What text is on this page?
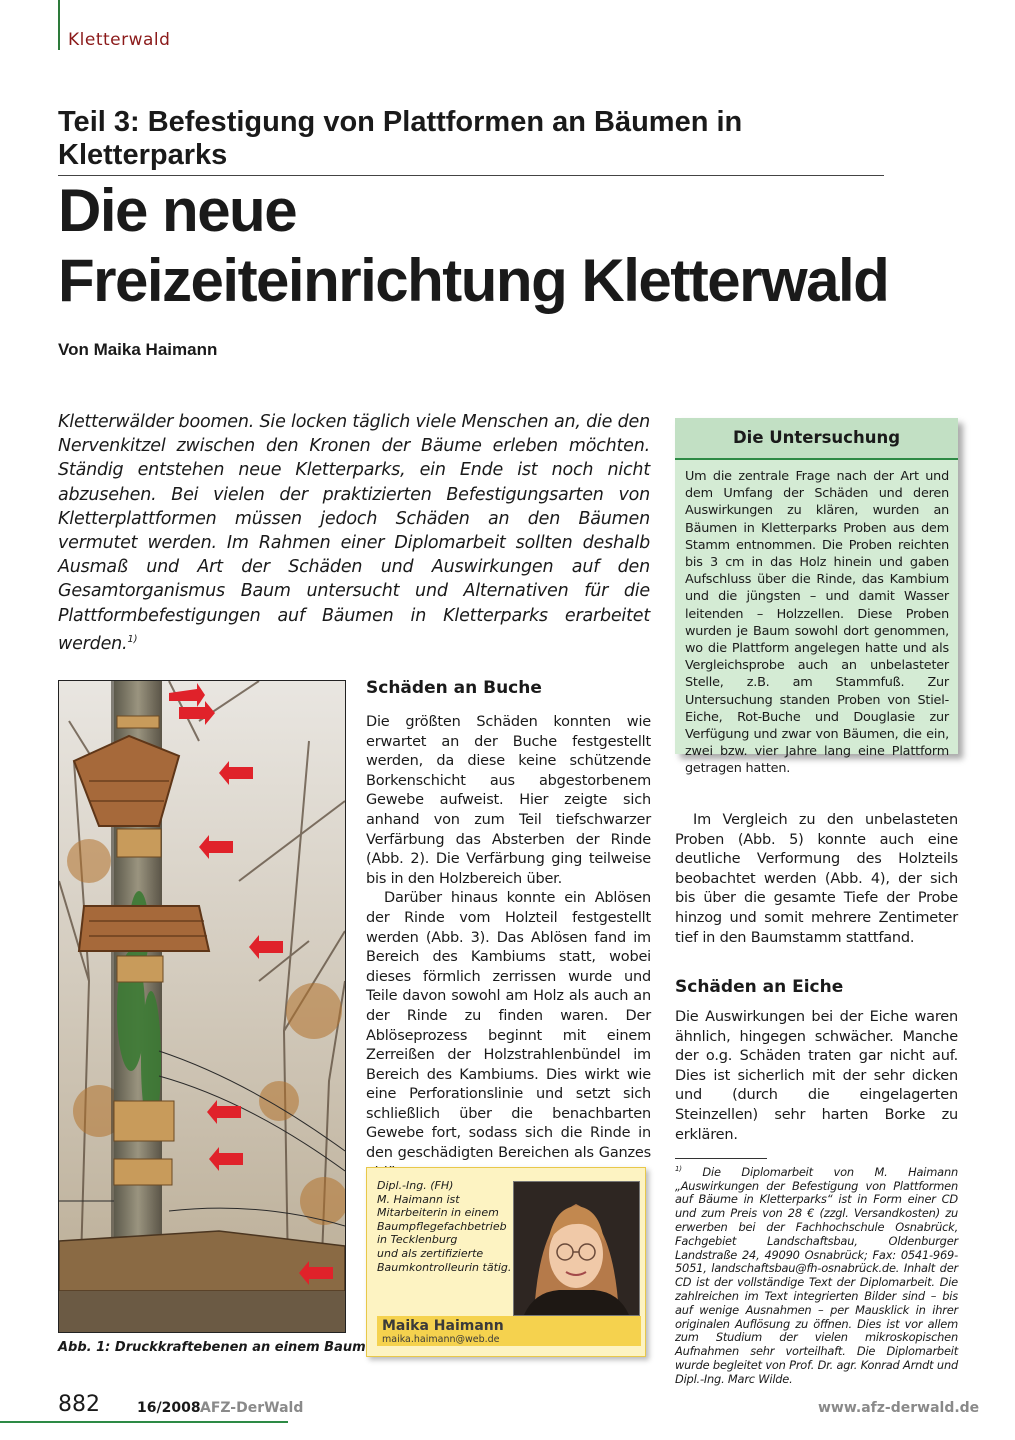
Kletterwald
Teil 3: Befestigung von Plattformen an Bäumen in Kletterparks
Die neue
Freizeiteinrichtung Kletterwald
Von Maika Haimann
Kletterwälder boomen. Sie locken täglich viele Menschen an, die den Nervenkitzel zwischen den Kronen der Bäume erleben möchten. Ständig entstehen neue Kletterparks, ein Ende ist noch nicht abzusehen. Bei vielen der praktizierten Befestigungsarten von Kletterplattformen müssen jedoch Schäden an den Bäumen vermutet werden. Im Rahmen einer Diplomarbeit sollten deshalb Ausmaß und Art der Schäden und Auswirkungen auf den Gesamtorganismus Baum untersucht und Alternativen für die Plattformbefestigungen auf Bäumen in Kletterparks erarbeitet werden.$^{1)}$
Abb. 1: Druckkraftebenen an einem Baum
Schäden an Buche

Die größten Schäden konnten wie erwartet an der Buche festgestellt werden, da diese keine schützende Borkenschicht aus abgestorbenem Gewebe aufweist. Hier zeigte sich anhand von zum Teil tiefschwarzer Verfärbung das Absterben der Rinde (Abb. 2). Die Verfärbung ging teilweise bis in den Holzbereich über.

Darüber hinaus konnte ein Ablösen der Rinde vom Holzteil festgestellt werden (Abb. 3). Das Ablösen fand im Bereich des Kambiums statt, wobei dieses förmlich zerrissen wurde und Teile davon sowohl am Holz als auch an der Rinde zu finden waren. Der Ablöseprozess beginnt mit einem Zerreißen der Holzstrahlenbündel im Bereich des Kambiums. Dies wirkt wie eine Perforationslinie und setzt sich schließlich über die benachbarten Gewebe fort, sodass sich die Rinde in den geschädigten Bereichen als Ganzes

Die Untersuchung
Um die zentrale Frage nach der Art und dem Umfang der Schäden und deren Auswirkungen zu klären, wurden an Bäumen in Kletterparks Proben aus dem Stamm entnommen. Die Proben reichten bis 3 cm in das Holz hinein und gaben Aufschluss über die Rinde, das Kambium und die jüngsten – und damit Wasser leitenden – Holzzellen. Diese Proben wurden je Baum sowohl dort genommen, wo die Plattform angelegen hatte und als Vergleichsprobe auch an unbelasteter Stelle, z.B. am Stammfuß. Zur Untersuchung standen Proben von Stiel-Eiche, Rot-Buche und Douglasie zur Verfügung und zwar von Bäumen, die ein, zwei bzw. vier Jahre lang eine Plattform getragen hatten.

Im Vergleich zu den unbelasteten Proben (Abb. 5) konnte auch eine deutliche Verformung des Holzteils beobachtet werden (Abb. 4), der sich bis über die gesamte Tiefe der Probe hinzog und somit mehrere Zentimeter tief in den Baumstamm stattfand.

Schäden an Eiche

Die Auswirkungen bei der Eiche waren ähnlich, hingegen schwächer. Manche der o.g. Schäden traten gar nicht auf. Dies ist sicherlich mit der sehr dicken und (durch die eingelagerten Steinzellen) sehr harten Borke zu erklären.

$^{1)}$ Die Diplomarbeit von M. Haimann „Auswirkungen der Befestigung von Plattformen auf Bäume in Kletterparks“ ist in Form einer CD und zum Preis von 28 € (zzgl. Versandkosten) zu erwerben bei der Fachhochschule Osnabrück, Fachgebiet Landschaftsbau, Oldenburger Landstraße 24, 49090 Osnabrück; Fax: 0541-969-5051, landschaftsbau@fh-osnabrück.de. Inhalt der CD ist der vollständige Text der Diplomarbeit. Die zahlreichen im Text integrierten Bilder sind – bis auf wenige Ausnahmen – per Mausklick in ihrer originalen Auflösung zu öffnen. Dies ist vor allem zum Studium der vielen mikroskopischen Aufnahmen sehr vorteilhaft. Die Diplomarbeit wurde begleitet von Prof. Dr. agr. Konrad Arndt und Dipl.-Ing. Marc Wilde.
Dipl.-Ing. (FH)
M. Haimann ist
Mitarbeiterin in einem
Baumpflegefachbetrieb
in Tecklenburg
und als zertifizierte
Baumkontrolleurin tätig.
Maika Haimann
maika.haimann@web.de
882	16/2008 AFZ-DerWald	www.afz-derwald.de
